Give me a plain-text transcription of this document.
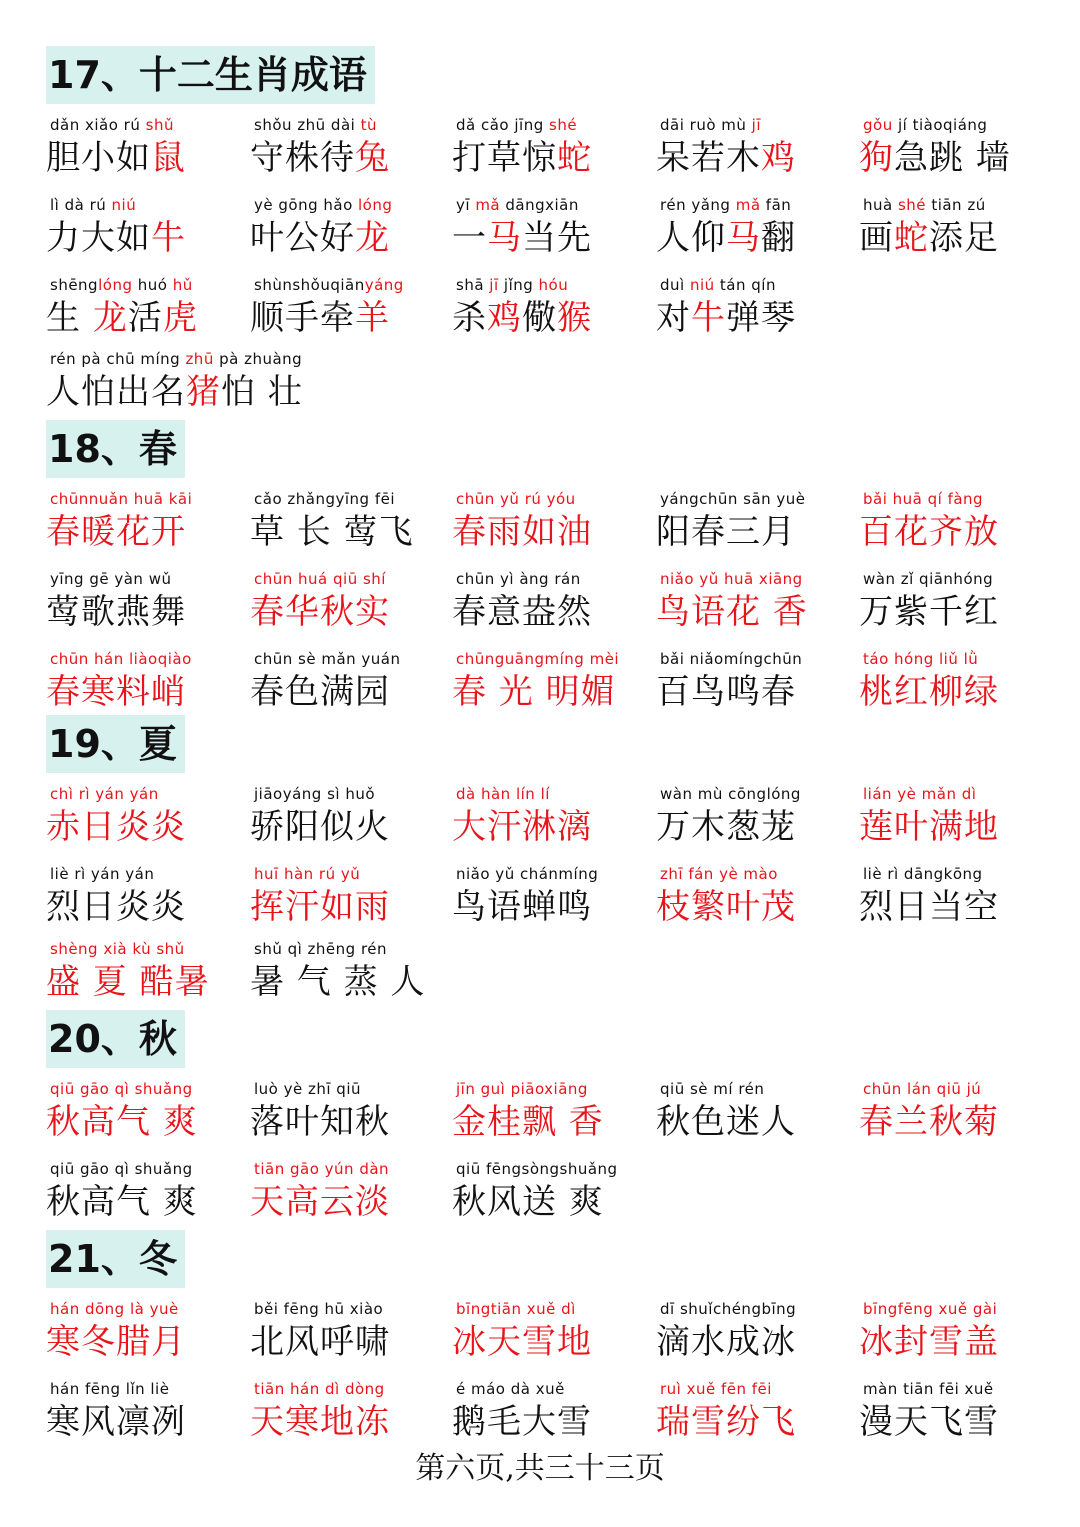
17、十二生肖成语
dǎn xiǎo rú shǔ
胆小如鼠
shǒu zhū dài tù
守株待兔
dǎ cǎo jīng shé
打草惊蛇
dāi ruò mù jī
呆若木鸡
gǒu jí tiàoqiáng
狗急跳 墙
lì dà rú niú
力大如牛
yè gōng hǎo lóng
叶公好龙
yī mǎ dāngxiān
一马当先
rén yǎng mǎ fān
人仰马翻
huà shé tiān zú
画蛇添足
shēnglóng huó hǔ
生 龙活虎
shùnshǒuqiānyáng
顺手牵羊
shā jī jǐng hóu
杀鸡儆猴
duì niú tán qín
对牛弹琴
rén pà chū míng zhū pà zhuàng
人怕出名猪怕 壮
18、春
chūnnuǎn huā kāi
春暖花开
cǎo zhǎngyīng fēi
草 长 莺飞
chūn yǔ rú yóu
春雨如油
yángchūn sān yuè
阳春三月
bǎi huā qí fàng
百花齐放
yīng gē yàn wǔ
莺歌燕舞
chūn huá qiū shí
春华秋实
chūn yì àng rán
春意盎然
niǎo yǔ huā xiāng
鸟语花 香
wàn zǐ qiānhóng
万紫千红
chūn hán liàoqiào
春寒料峭
chūn sè mǎn yuán
春色满园
chūnguāngmíng mèi
春 光 明媚
bǎi niǎomíngchūn
百鸟鸣春
táo hóng liǔ lǜ
桃红柳绿
19、夏
chì rì yán yán
赤日炎炎
jiāoyáng sì huǒ
骄阳似火
dà hàn lín lí
大汗淋漓
wàn mù cōnglóng
万木葱茏
lián yè mǎn dì
莲叶满地
liè rì yán yán
烈日炎炎
huī hàn rú yǔ
挥汗如雨
niǎo yǔ chánmíng
鸟语蝉鸣
zhī fán yè mào
枝繁叶茂
liè rì dāngkōng
烈日当空
shèng xià kù shǔ
盛 夏 酷暑
shǔ qì zhēng rén
暑 气 蒸 人
20、秋
qiū gāo qì shuǎng
秋高气 爽
luò yè zhī qiū
落叶知秋
jīn guì piāoxiāng
金桂飘 香
qiū sè mí rén
秋色迷人
chūn lán qiū jú
春兰秋菊
qiū gāo qì shuǎng
秋高气 爽
tiān gāo yún dàn
天高云淡
qiū fēngsòngshuǎng
秋风送 爽
21、冬
hán dōng là yuè
寒冬腊月
běi fēng hū xiào
北风呼啸
bīngtiān xuě dì
冰天雪地
dī shuǐchéngbīng
滴水成冰
bīngfēng xuě gài
冰封雪盖
hán fēng lǐn liè
寒风凛冽
tiān hán dì dòng
天寒地冻
é máo dà xuě
鹅毛大雪
ruì xuě fēn fēi
瑞雪纷飞
màn tiān fēi xuě
漫天飞雪
第六页,共三十三页
